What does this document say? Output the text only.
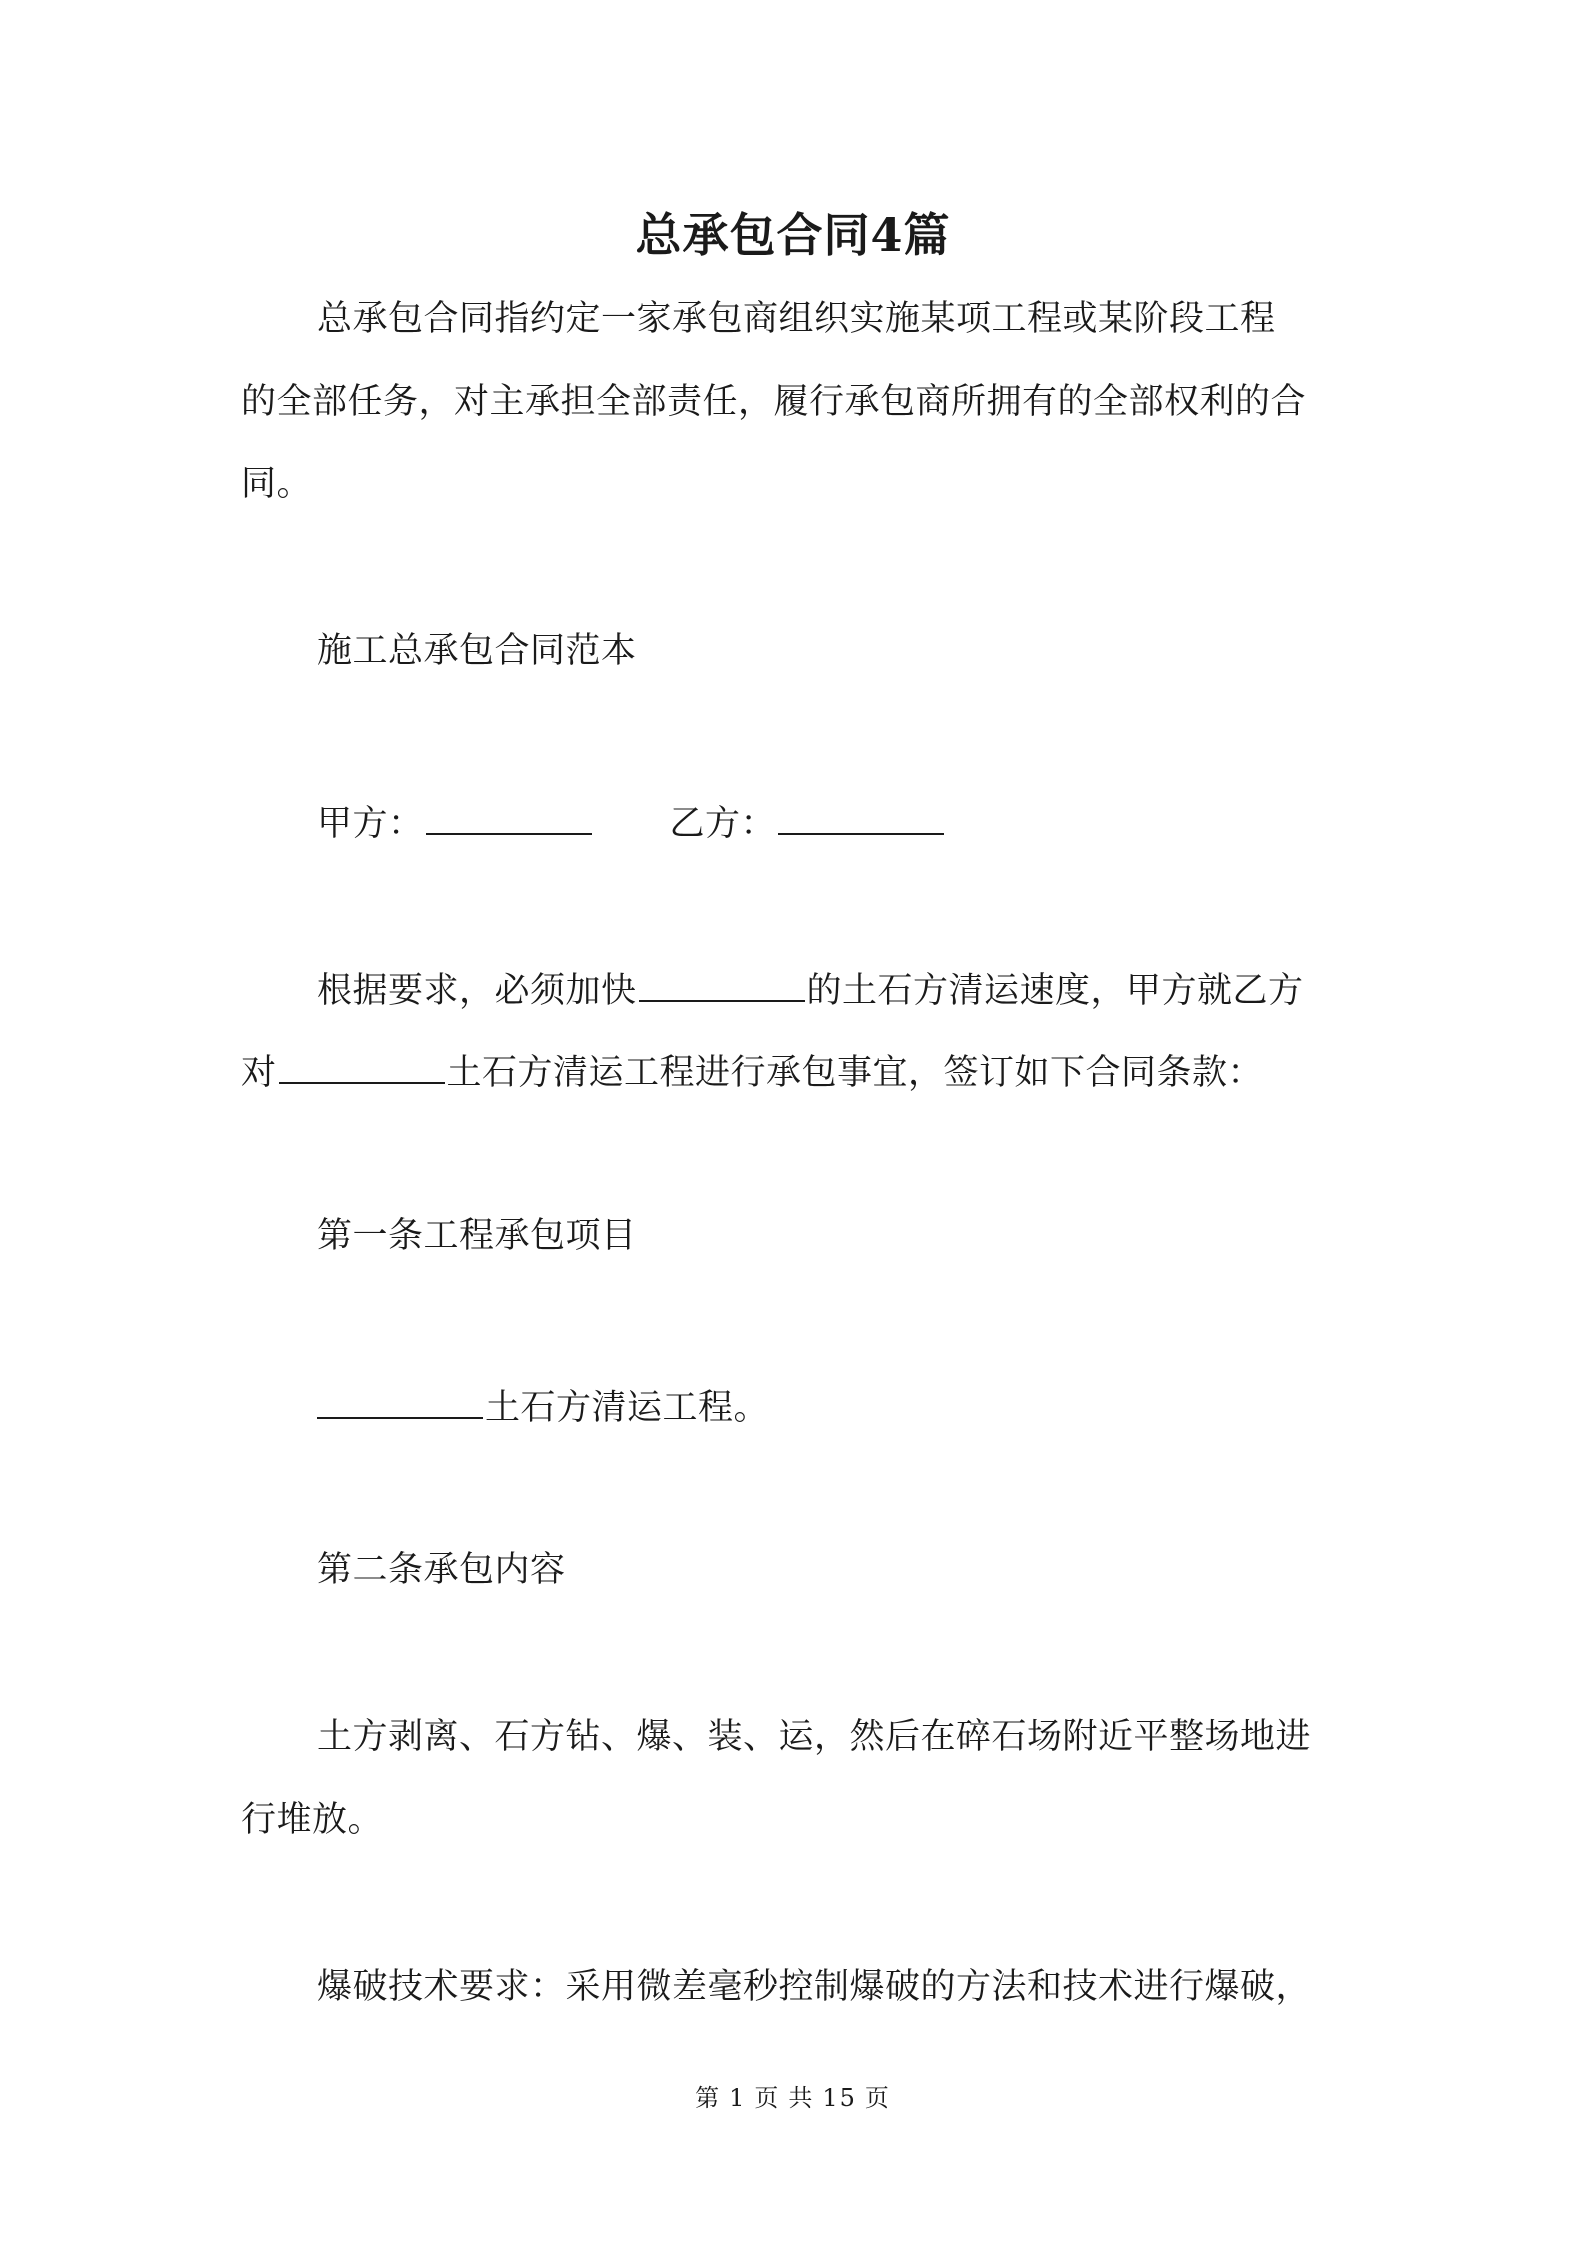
总承包合同4篇
总承包合同指约定一家承包商组织实施某项工程或某阶段工程
的全部任务，对主承担全部责任，履行承包商所拥有的全部权利的合
同。
施工总承包合同范本
甲方：	乙方：
根据要求，必须加快	的土石方清运速度，甲方就乙方
对	土石方清运工程进行承包事宜，签订如下合同条款：
第一条工程承包项目
土石方清运工程。
第二条承包内容
土方剥离、石方钻、爆、装、运，然后在碎石场附近平整场地进
行堆放。
爆破技术要求：采用微差毫秒控制爆破的方法和技术进行爆破，
第 1 页 共 15 页
